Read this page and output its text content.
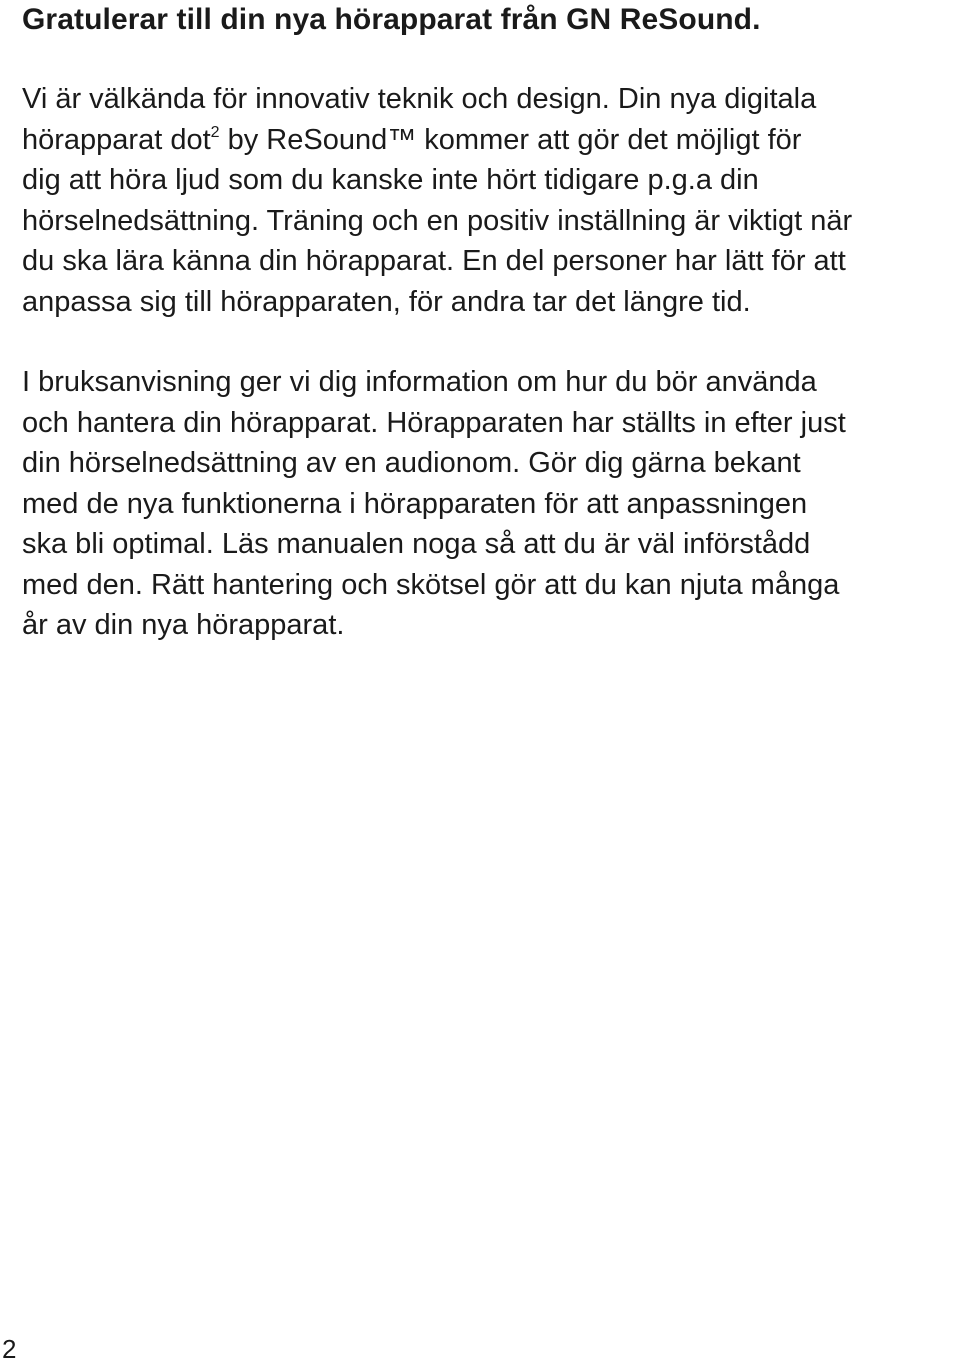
Gratulerar till din nya hörapparat från GN ReSound.

Vi är välkända för innovativ teknik och design. Din nya digitala
hörapparat dot$^2$ by ReSound™ kommer att gör det möjligt för
dig att höra ljud som du kanske inte hört tidigare p.g.a din
hörselnedsättning. Träning och en positiv inställning är viktigt när
du ska lära känna din hörapparat. En del personer har lätt för att
anpassa sig till hörapparaten, för andra tar det längre tid.

I bruksanvisning ger vi dig information om hur du bör använda
och hantera din hörapparat. Hörapparaten har ställts in efter just
din hörselnedsättning av en audionom. Gör dig gärna bekant
med de nya funktionerna i hörapparaten för att anpassningen
ska bli optimal. Läs manualen noga så att du är väl införstådd
med den. Rätt hantering och skötsel gör att du kan njuta många
år av din nya hörapparat.

2
